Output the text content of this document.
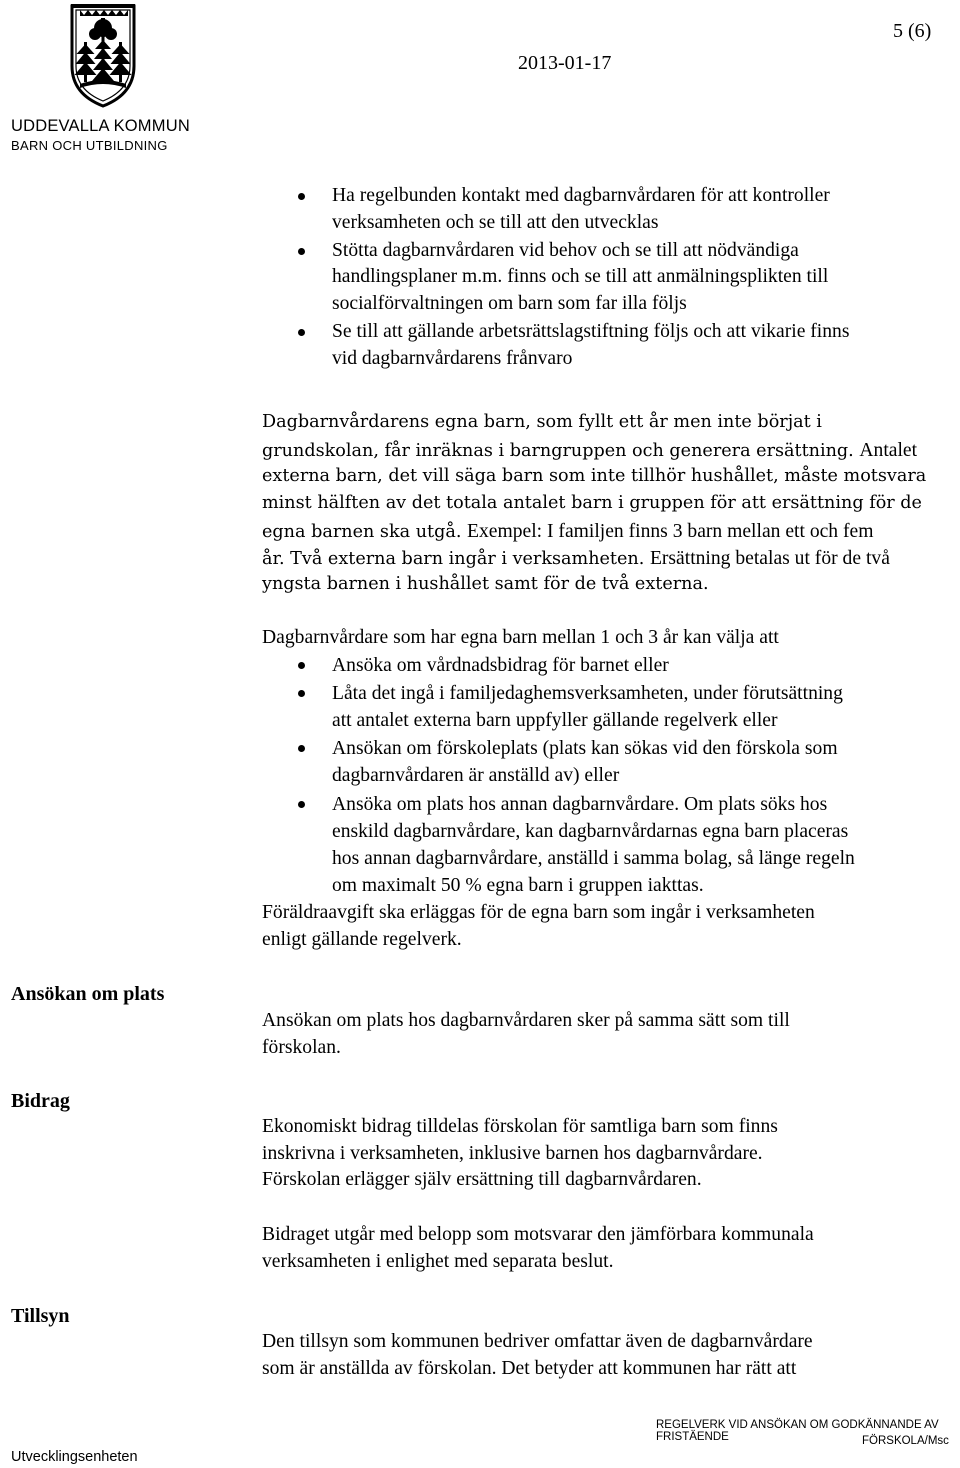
UDDEVALLA KOMMUN
BARN OCH UTBILDNING
5 (6)
2013-01-17
Ha regelbunden kontakt med dagbarnvårdaren för att kontroller
verksamheten och se till att den utvecklas
Stötta dagbarnvårdaren vid behov och se till att nödvändiga
handlingsplaner m.m. finns och se till att anmälningsplikten till
socialförvaltningen om barn som far illa följs
Se till att gällande arbetsrättslagstiftning följs och att vikarie finns
vid dagbarnvårdarens frånvaro
Dagbarnvårdarens egna barn, som fyllt ett år men inte börjat i
grundskolan, får inräknas i barngruppen och generera ersättning. Antalet
externa barn, det vill säga barn som inte tillhör hushållet, måste motsvara
minst hälften av det totala antalet barn i gruppen för att ersättning för de
egna barnen ska utgå. Exempel: I familjen finns 3 barn mellan ett och fem
år. Två externa barn ingår i verksamheten. Ersättning betalas ut för de två
yngsta barnen i hushållet samt för de två externa.
Dagbarnvårdare som har egna barn mellan 1 och 3 år kan välja att
Ansöka om vårdnadsbidrag för barnet eller
Låta det ingå i familjedaghemsverksamheten, under förutsättning
att antalet externa barn uppfyller gällande regelverk eller
Ansökan om förskoleplats (plats kan sökas vid den förskola som
dagbarnvårdaren är anställd av) eller
Ansöka om plats hos annan dagbarnvårdare. Om plats söks hos
enskild dagbarnvårdare, kan dagbarnvårdarnas egna barn placeras
hos annan dagbarnvårdare, anställd i samma bolag, så länge regeln
om maximalt 50 % egna barn i gruppen iakttas.
Föräldraavgift ska erläggas för de egna barn som ingår i verksamheten
enligt gällande regelverk.
Ansökan om plats
Ansökan om plats hos dagbarnvårdaren sker på samma sätt som till
förskolan.
Bidrag
Ekonomiskt bidrag tilldelas förskolan för samtliga barn som finns
inskrivna i verksamheten, inklusive barnen hos dagbarnvårdare.
Förskolan erlägger själv ersättning till dagbarnvårdaren.
Bidraget utgår med belopp som motsvarar den jämförbara kommunala
verksamheten i enlighet med separata beslut.
Tillsyn
Den tillsyn som kommunen bedriver omfattar även de dagbarnvårdare
som är anställda av förskolan. Det betyder att kommunen har rätt att
Utvecklingsenheten
REGELVERK VID ANSÖKAN OM GODKÄNNANDE AV FRISTÄENDE	FÖRSKOLA/Msc
